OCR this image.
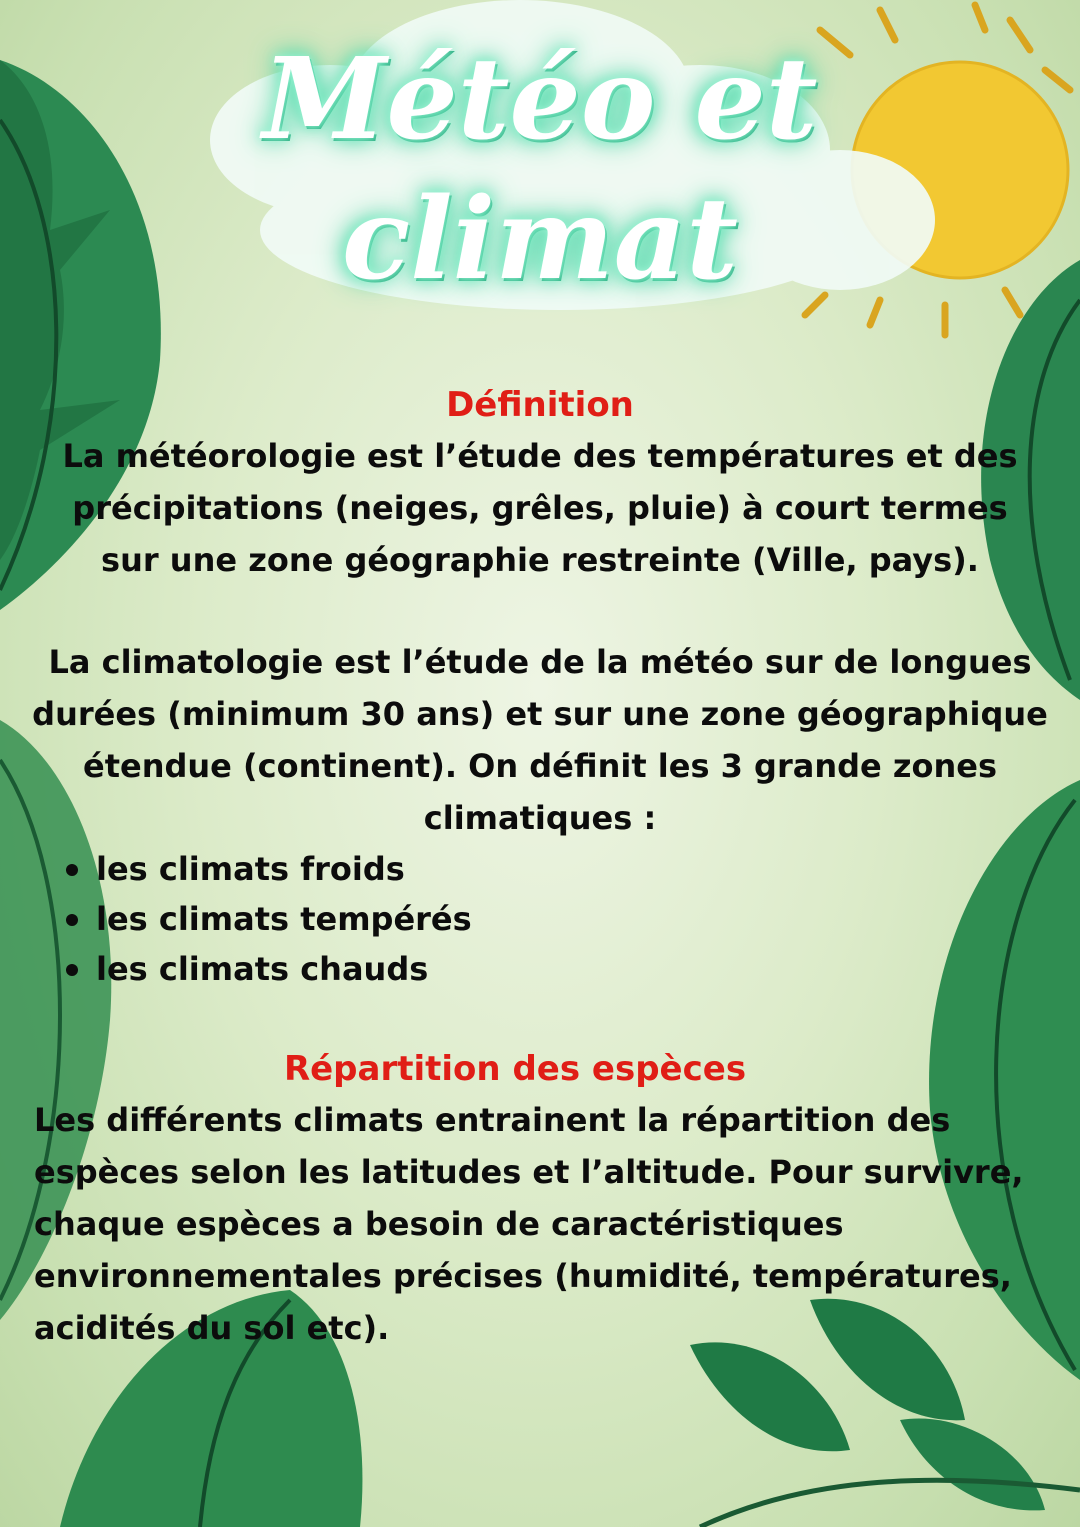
Météo et
climat
Définition
La météorologie est l’étude des températures et des
précipitations (neiges, grêles, pluie) à court termes
sur une zone géographie restreinte (Ville, pays).
La climatologie est l’étude de la météo sur de longues
durées (minimum 30 ans) et sur une zone géographique
étendue (continent). On définit les 3 grande zones
climatiques :
les climats froids
les climats tempérés
les climats chauds
Répartition des espèces
Les différents climats entrainent la répartition des
espèces selon les latitudes et l’altitude. Pour survivre,
chaque espèces a besoin de caractéristiques
environnementales précises (humidité, températures,
acidités du sol etc).
